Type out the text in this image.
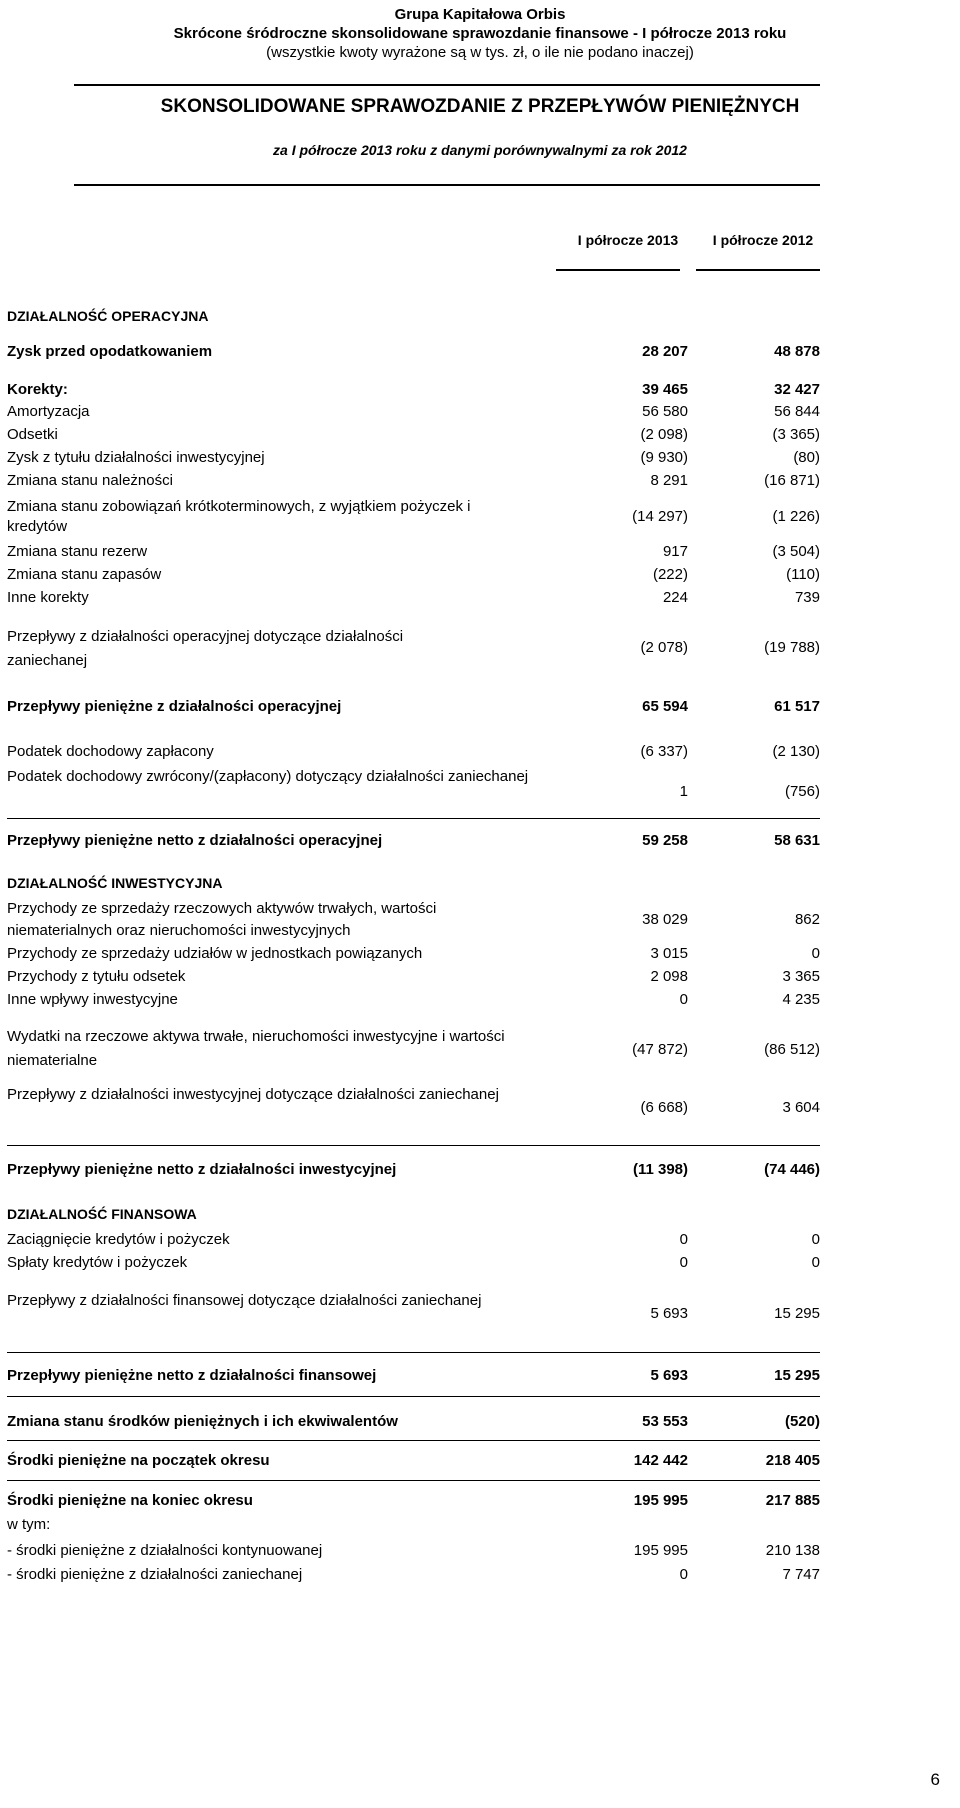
Grupa Kapitałowa Orbis
Skrócone śródroczne skonsolidowane sprawozdanie finansowe - I półrocze 2013 roku
(wszystkie kwoty wyrażone są w tys. zł, o ile nie podano inaczej)
SKONSOLIDOWANE SPRAWOZDANIE Z PRZEPŁYWÓW PIENIĘŻNYCH
za I półrocze 2013 roku z danymi porównywalnymi za rok 2012
I półrocze 2013	I półrocze 2012
DZIAŁALNOŚĆ OPERACYJNA
Zysk przed opodatkowaniem	28 207	48 878
Korekty:	39 465	32 427
Amortyzacja	56 580	56 844
Odsetki	(2 098)	(3 365)
Zysk z tytułu działalności inwestycyjnej	(9 930)	(80)
Zmiana stanu należności	8 291	(16 871)
Zmiana stanu zobowiązań krótkoterminowych, z wyjątkiem pożyczek i kredytów
(14 297)	(1 226)
Zmiana stanu rezerw	917	(3 504)
Zmiana stanu zapasów	(222)	(110)
Inne korekty	224	739
Przepływy z działalności operacyjnej dotyczące działalności zaniechanej
(2 078)	(19 788)
Przepływy pieniężne z działalności operacyjnej	65 594	61 517
Podatek dochodowy zapłacony	(6 337)	(2 130)
Podatek dochodowy zwrócony/(zapłacony) dotyczący działalności zaniechanej
1	(756)
Przepływy pieniężne netto z działalności operacyjnej	59 258	58 631
DZIAŁALNOŚĆ INWESTYCYJNA
Przychody ze sprzedaży rzeczowych aktywów trwałych, wartości niematerialnych oraz nieruchomości inwestycyjnych
38 029	862
Przychody ze sprzedaży udziałów w jednostkach powiązanych	3 015	0
Przychody z tytułu odsetek	2 098	3 365
Inne wpływy inwestycyjne	0	4 235
Wydatki na rzeczowe aktywa trwałe, nieruchomości inwestycyjne i wartości niematerialne
(47 872)	(86 512)
Przepływy z działalności inwestycyjnej dotyczące działalności zaniechanej
(6 668)	3 604
Przepływy pieniężne netto z działalności inwestycyjnej	(11 398)	(74 446)
DZIAŁALNOŚĆ FINANSOWA
Zaciągnięcie kredytów i pożyczek	0	0
Spłaty kredytów i pożyczek	0	0
Przepływy z działalności finansowej dotyczące działalności zaniechanej
5 693	15 295
Przepływy pieniężne netto z działalności finansowej	5 693	15 295
Zmiana stanu środków pieniężnych i ich ekwiwalentów	53 553	(520)
Środki pieniężne na początek okresu	142 442	218 405
Środki pieniężne na koniec okresu	195 995	217 885
w tym:
- środki pieniężne z działalności kontynuowanej	195 995	210 138
- środki pieniężne z działalności zaniechanej	0	7 747
6
